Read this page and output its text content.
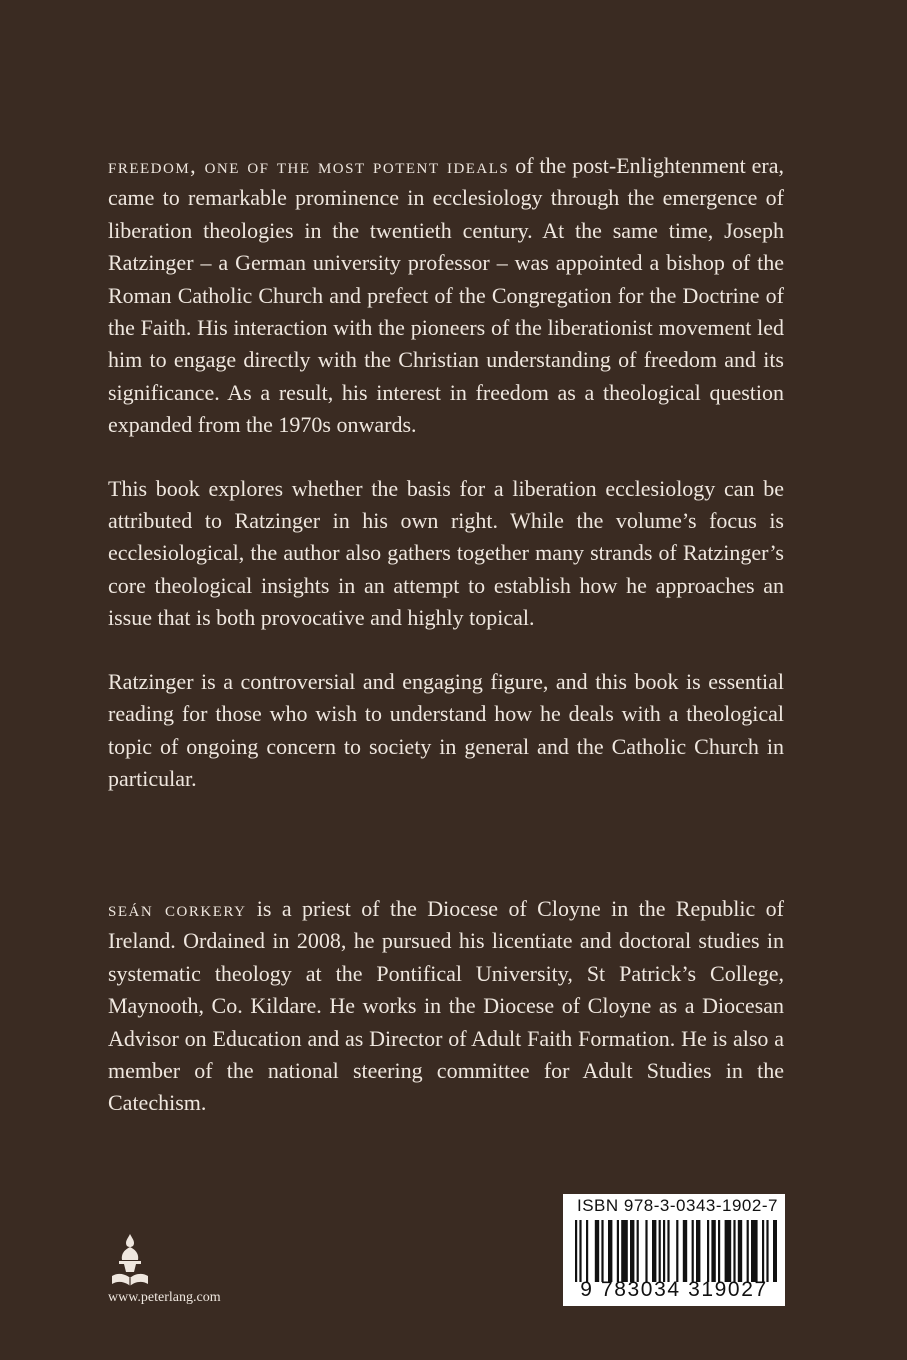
freedom, one of the most potent ideals of the post-Enlightenment era, came to remarkable prominence in ecclesiology through the emergence of liberation theologies in the twentieth century. At the same time, Joseph Ratzinger – a German university professor – was appointed a bishop of the Roman Catholic Church and prefect of the Congregation for the Doctrine of the Faith. His interaction with the pioneers of the liberationist movement led him to engage directly with the Christian understanding of freedom and its significance. As a result, his interest in freedom as a theological question expanded from the 1970s onwards.

This book explores whether the basis for a liberation ecclesiology can be attributed to Ratzinger in his own right. While the volume’s focus is ecclesiological, the author also gathers together many strands of Ratzinger’s core theological insights in an attempt to establish how he approaches an issue that is both provocative and highly topical.

Ratzinger is a controversial and engaging figure, and this book is essential reading for those who wish to understand how he deals with a theological topic of ongoing concern to society in general and the Catholic Church in particular.

seán corkery is a priest of the Diocese of Cloyne in the Republic of Ireland. Ordained in 2008, he pursued his licentiate and doctoral studies in systematic theology at the Pontifical University, St Patrick’s College, Maynooth, Co. Kildare. He works in the Diocese of Cloyne as a Diocesan Advisor on Education and as Director of Adult Faith Formation. He is also a member of the national steering committee for Adult Studies in the Catechism.

www.peterlang.com
ISBN 978-3-0343-1902-7
9 783034 319027
